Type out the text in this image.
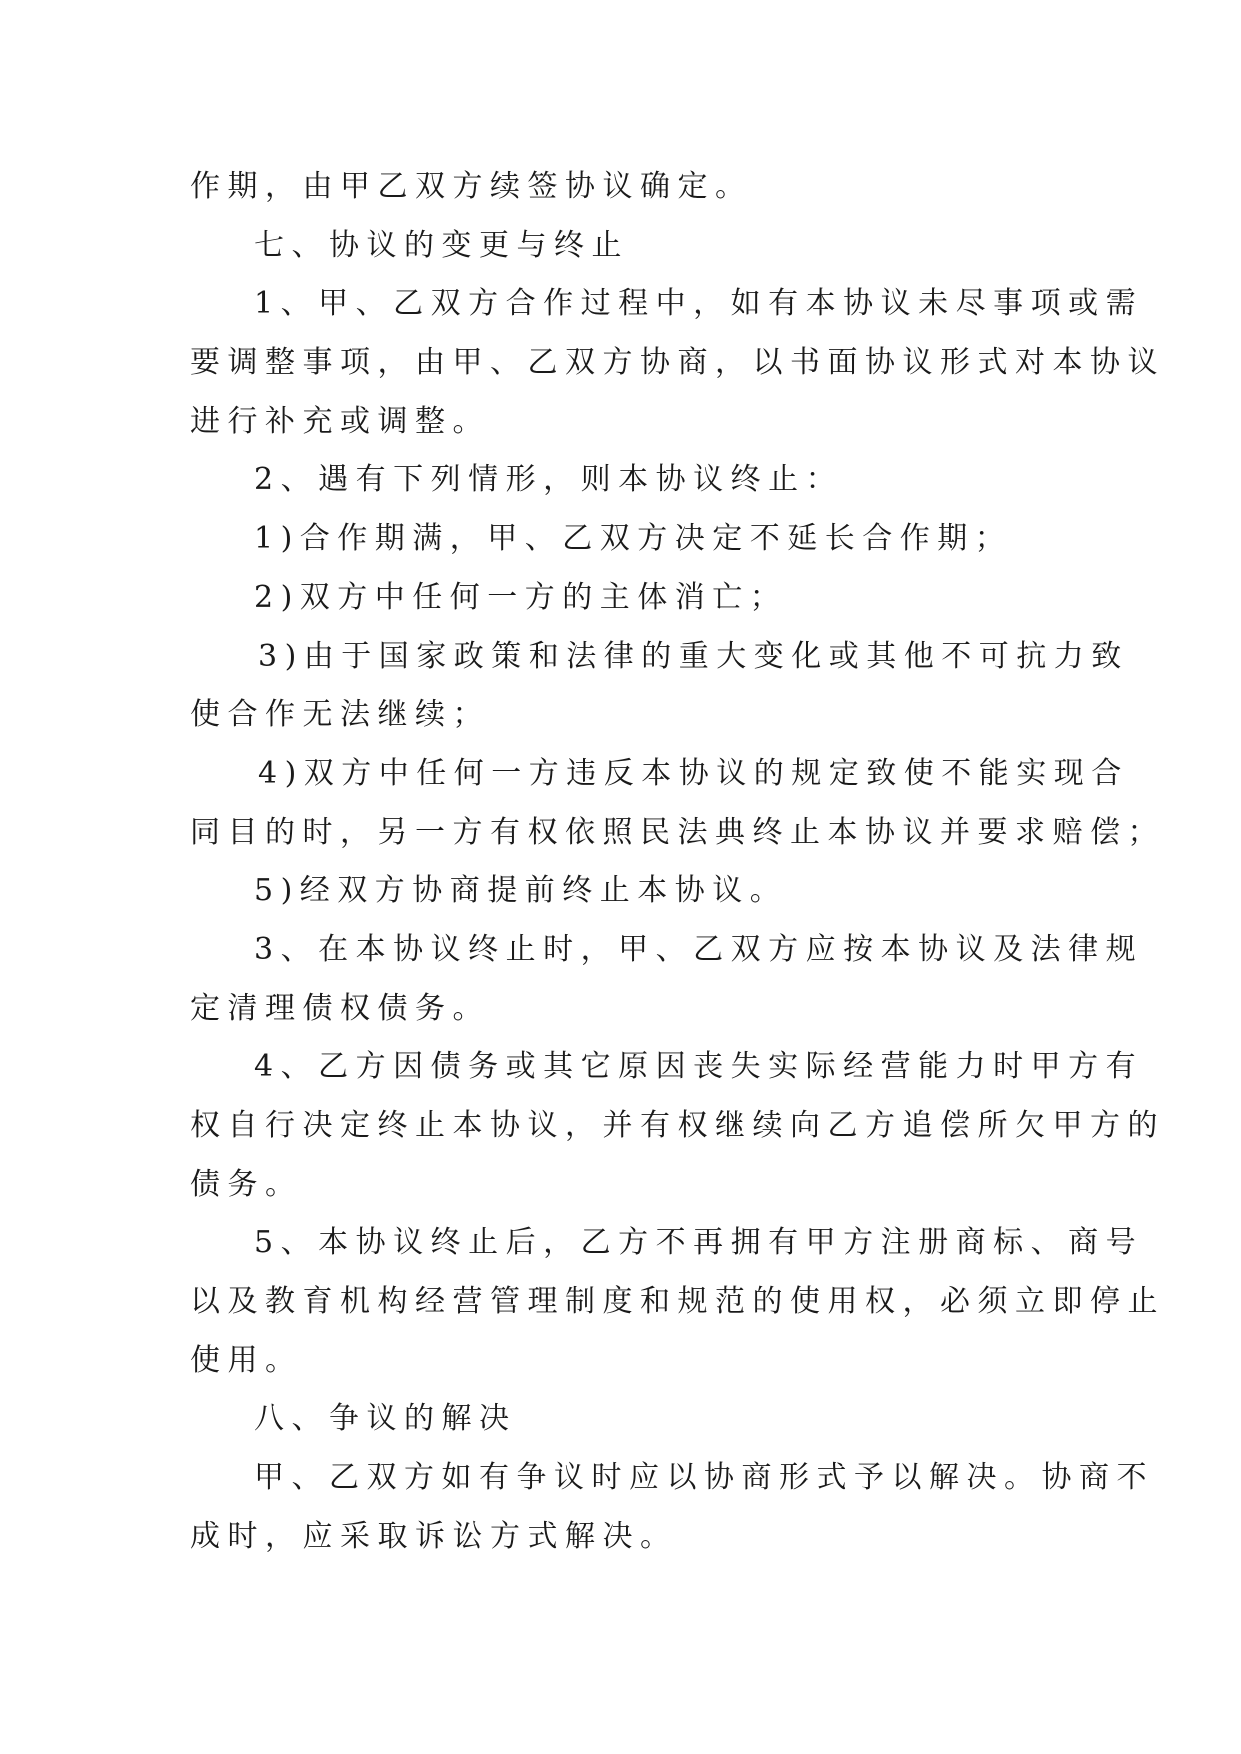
作期，由甲乙双方续签协议确定。
七、协议的变更与终止
1、甲、乙双方合作过程中，如有本协议未尽事项或需
要调整事项，由甲、乙双方协商，以书面协议形式对本协议
进行补充或调整。
2、遇有下列情形，则本协议终止：
1)合作期满，甲、乙双方决定不延长合作期；
2)双方中任何一方的主体消亡；
3)由于国家政策和法律的重大变化或其他不可抗力致
使合作无法继续；
4)双方中任何一方违反本协议的规定致使不能实现合
同目的时，另一方有权依照民法典终止本协议并要求赔偿；
5)经双方协商提前终止本协议。
3、在本协议终止时，甲、乙双方应按本协议及法律规
定清理债权债务。
4、乙方因债务或其它原因丧失实际经营能力时甲方有
权自行决定终止本协议，并有权继续向乙方追偿所欠甲方的
债务。
5、本协议终止后，乙方不再拥有甲方注册商标、商号
以及教育机构经营管理制度和规范的使用权，必须立即停止
使用。
八、争议的解决
甲、乙双方如有争议时应以协商形式予以解决。协商不
成时，应采取诉讼方式解决。
